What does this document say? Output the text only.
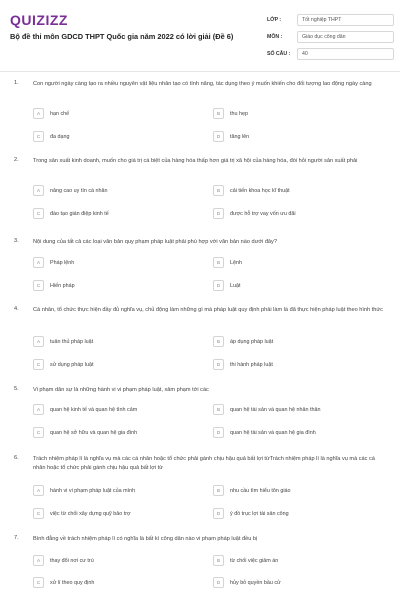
QUIZIZZ
Bộ đề thi môn GDCD THPT Quốc gia năm 2022 có lời giải (Đề 6)
LỚP :	Tốt nghiệp THPT
MÔN :	Giáo dục công dân
SỐ CÂU :	40
1.	Con người ngày càng tạo ra nhiều nguyên vật liệu nhân tạo có tính năng, tác dụng theo ý muốn khiến cho đối tượng lao động ngày càng
A	hạn chế	B	thu hẹp
C	đa dạng	D	tăng lên
2.	Trong sản xuất kinh doanh, muốn cho giá trị cá biệt của hàng hóa thấp hơn giá trị xã hội của hàng hóa, đòi hỏi người sản xuất phải
A	nâng cao uy tín cá nhân	B	cải tiến khoa học kĩ thuật
C	đào tạo gián điệp kinh tế	D	được hỗ trợ vay vốn ưu đãi
3.	Nội dung của tất cả các loại văn bản quy phạm pháp luật phải phù hợp với văn bản nào dưới đây?
A	Pháp lệnh	B	Lệnh
C	Hiến pháp	D	Luật
4.	Cá nhân, tổ chức thực hiện đầy đủ nghĩa vụ, chủ động làm những gì mà pháp luật quy định phải làm là đã thực hiện pháp luật theo hình thức
A	tuân thủ pháp luật	B	áp dụng pháp luật
C	sử dụng pháp luật	D	thi hành pháp luật
5.	Vi phạm dân sự là những hành vi vi phạm pháp luật, xâm phạm tới các
A	quan hệ kinh tế và quan hệ tình cảm	B	quan hệ tài sản và quan hệ nhân thân
C	quan hệ sở hữu và quan hệ gia đình	D	quan hệ tài sản và quan hệ gia đình
6.	Trách nhiệm pháp lí là nghĩa vụ mà các cá nhân hoặc tổ chức phải gánh chịu hậu quả bất lợi từTrách nhiệm pháp lí là nghĩa vụ mà các cá nhân hoặc tổ chức phải gánh chịu hậu quả bất lợi từ
A	hành vi vi phạm pháp luật của mình	B	nhu cầu tìm hiểu tôn giáo
C	việc từ chối xây dựng quỹ bảo trợ	D	ý đồ trục lợi tài sản công
7.	Bình đẳng về trách nhiệm pháp lí có nghĩa là bất kì công dân nào vi phạm pháp luật đều bị
A	thay đổi nơi cư trú	B	từ chối việc giảm án
C	xử lí theo quy định	D	hủy bỏ quyền bầu cử
